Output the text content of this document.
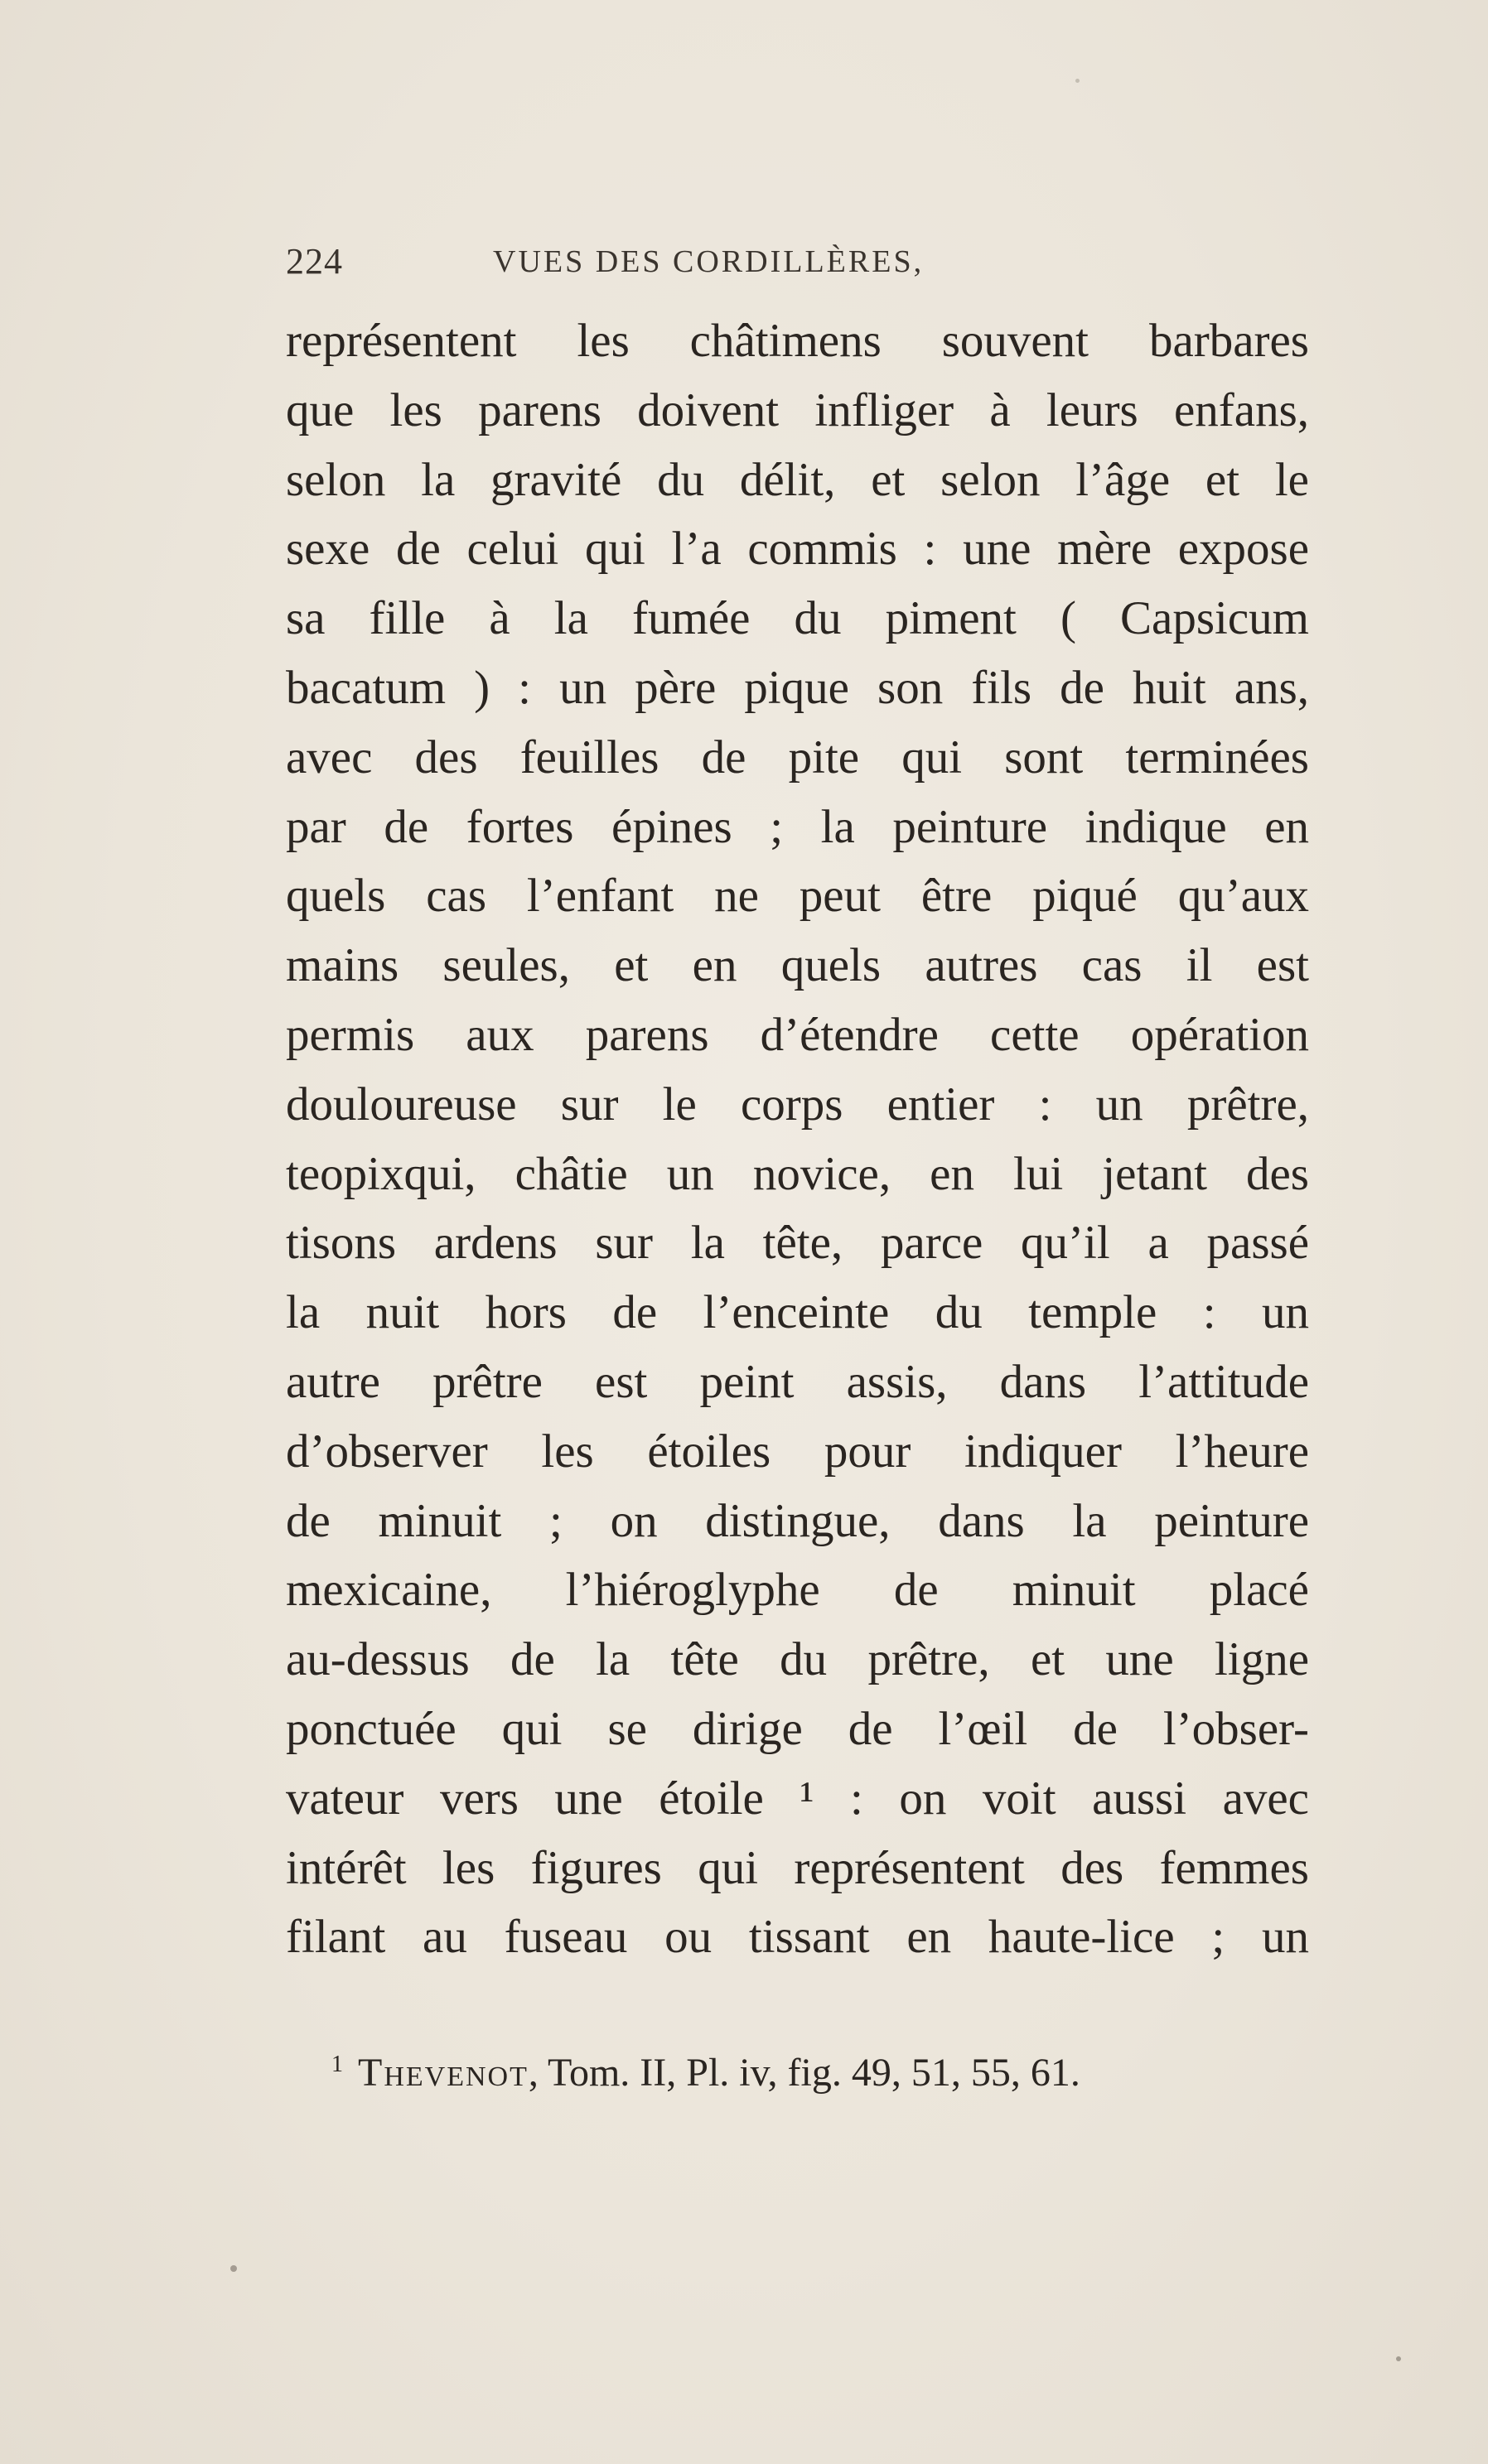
224	VUES DES CORDILLÈRES,
représentent les châtimens souvent barbares
que les parens doivent infliger à leurs enfans,
selon la gravité du délit, et selon l’âge et le
sexe de celui qui l’a commis : une mère expose
sa fille à la fumée du piment ( Capsicum
bacatum ) : un père pique son fils de huit ans,
avec des feuilles de pite qui sont terminées
par de fortes épines ; la peinture indique en
quels cas l’enfant ne peut être piqué qu’aux
mains seules, et en quels autres cas il est
permis aux parens d’étendre cette opération
douloureuse sur le corps entier : un prêtre,
teopixqui, châtie un novice, en lui jetant des
tisons ardens sur la tête, parce qu’il a passé
la nuit hors de l’enceinte du temple : un
autre prêtre est peint assis, dans l’attitude
d’observer les étoiles pour indiquer l’heure
de minuit ; on distingue, dans la peinture
mexicaine, l’hiéroglyphe de minuit placé
au-dessus de la tête du prêtre, et une ligne
ponctuée qui se dirige de l’œil de l’obser-
vateur vers une étoile ¹ : on voit aussi avec
intérêt les figures qui représentent des femmes
filant au fuseau ou tissant en haute-lice ; un
$^1$ Thevenot, Tom. II, Pl. iv, fig. 49, 51, 55, 61.
